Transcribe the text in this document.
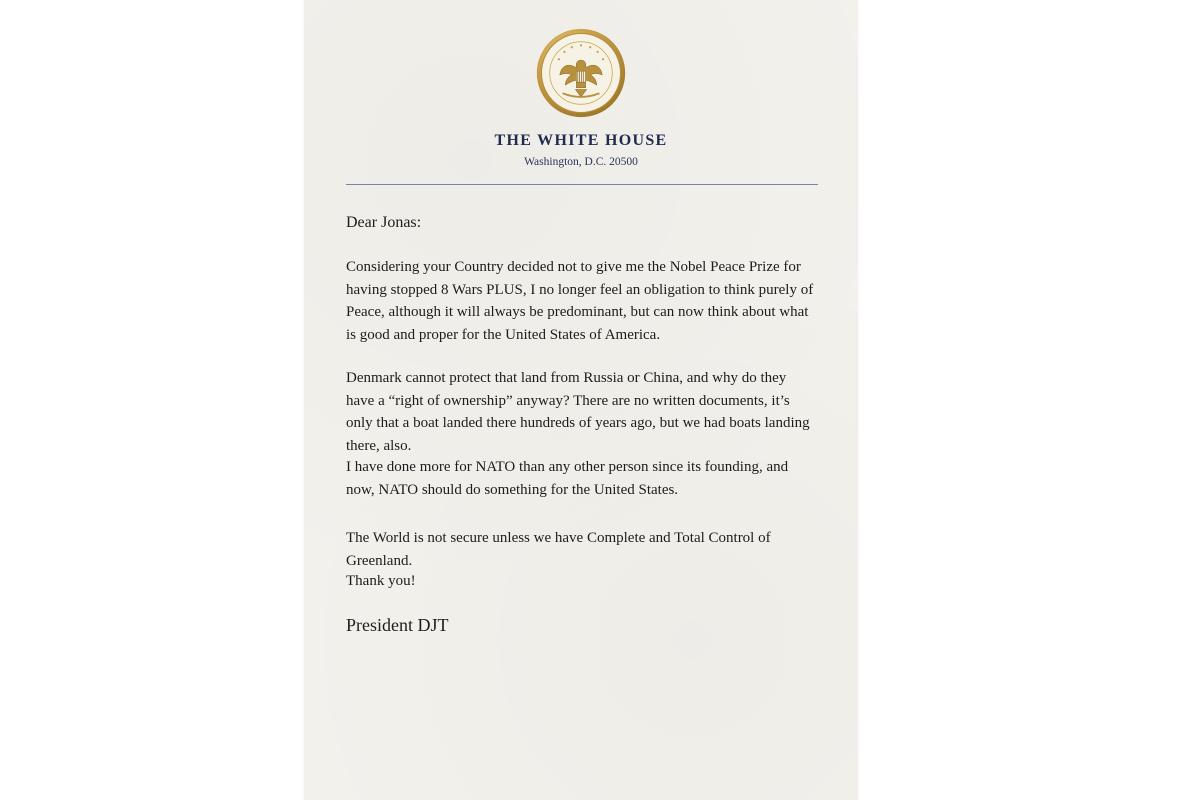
THE WHITE HOUSE
Washington, D.C. 20500

Dear Jonas:

Considering your Country decided not to give me the Nobel Peace Prize for having stopped 8 Wars PLUS, I no longer feel an obligation to think purely of Peace, although it will always be predominant, but can now think about what is good and proper for the United States of America.

Denmark cannot protect that land from Russia or China, and why do they have a “right of ownership” anyway? There are no written documents, it’s only that a boat landed there hundreds of years ago, but we had boats landing there, also.

I have done more for NATO than any other person since its founding, and now, NATO should do something for the United States.

The World is not secure unless we have Complete and Total Control of Greenland.

Thank you!

President DJT
